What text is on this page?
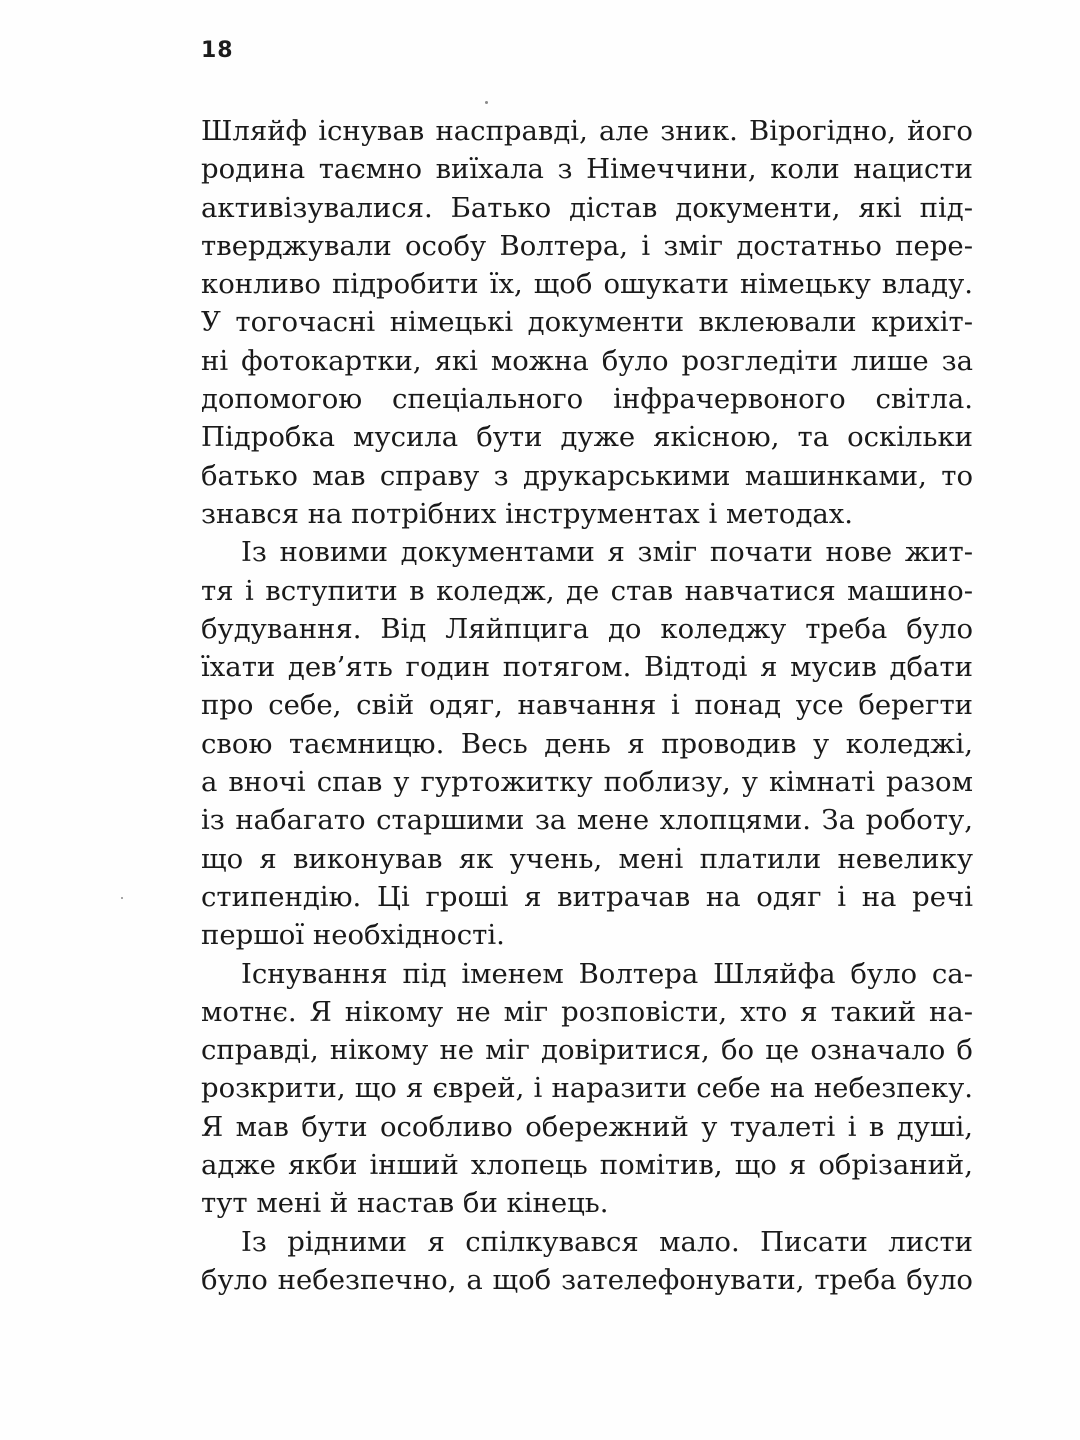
18
Шляйф існував насправді, але зник. Вірогідно, його
родина таємно виїхала з Німеччини, коли нацисти
активізувалися. Батько дістав документи, які під-
тверджували особу Волтера, і зміг достатньо пере-
конливо підробити їх, щоб ошукати німецьку владу.
У тогочасні німецькі документи вклеювали крихіт-
ні фотокартки, які можна було розгледіти лише за
допомогою спеціального інфрачервоного світла.
Підробка мусила бути дуже якісною, та оскільки
батько мав справу з друкарськими машинками, то
знався на потрібних інструментах і методах.
Із новими документами я зміг почати нове жит-
тя і вступити в коледж, де став навчатися машино-
будування. Від Ляйпцига до коледжу треба було
їхати дев’ять годин потягом. Відтоді я мусив дбати
про себе, свій одяг, навчання і понад усе берегти
свою таємницю. Весь день я проводив у коледжі,
а вночі спав у гуртожитку поблизу, у кімнаті разом
із набагато старшими за мене хлопцями. За роботу,
що я виконував як учень, мені платили невелику
стипендію. Ці гроші я витрачав на одяг і на речі
першої необхідності.
Існування під іменем Волтера Шляйфа було са-
мотнє. Я нікому не міг розповісти, хто я такий на-
справді, нікому не міг довіритися, бо це означало б
розкрити, що я єврей, і наразити себе на небезпеку.
Я мав бути особливо обережний у туалеті і в душі,
адже якби інший хлопець помітив, що я обрізаний,
тут мені й настав би кінець.
Із рідними я спілкувався мало. Писати листи
було небезпечно, а щоб зателефонувати, треба було
